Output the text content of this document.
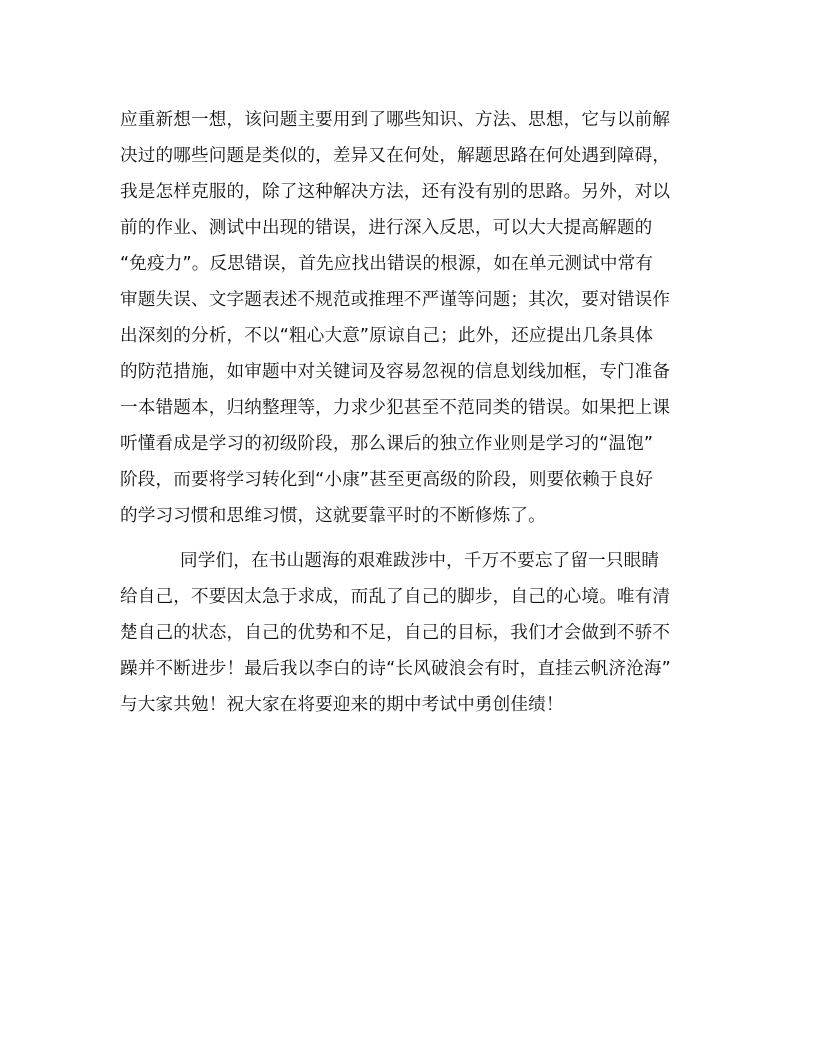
应重新想一想，该问题主要用到了哪些知识、方法、思想，它与以前解
决过的哪些问题是类似的，差异又在何处，解题思路在何处遇到障碍，
我是怎样克服的，除了这种解决方法，还有没有别的思路。另外，对以
前的作业、测试中出现的错误，进行深入反思，可以大大提高解题的
“免疫力”。反思错误，首先应找出错误的根源，如在单元测试中常有
审题失误、文字题表述不规范或推理不严谨等问题；其次，要对错误作
出深刻的分析，不以“粗心大意”原谅自己；此外，还应提出几条具体
的防范措施，如审题中对关键词及容易忽视的信息划线加框，专门准备
一本错题本，归纳整理等，力求少犯甚至不范同类的错误。如果把上课
听懂看成是学习的初级阶段，那么课后的独立作业则是学习的“温饱”
阶段，而要将学习转化到“小康”甚至更高级的阶段，则要依赖于良好
的学习习惯和思维习惯，这就要靠平时的不断修炼了。
同学们，在书山题海的艰难跋涉中，千万不要忘了留一只眼睛
给自己，不要因太急于求成，而乱了自己的脚步，自己的心境。唯有清
楚自己的状态，自己的优势和不足，自己的目标，我们才会做到不骄不
躁并不断进步！最后我以李白的诗“长风破浪会有时，直挂云帆济沧海”
与大家共勉！祝大家在将要迎来的期中考试中勇创佳绩！
